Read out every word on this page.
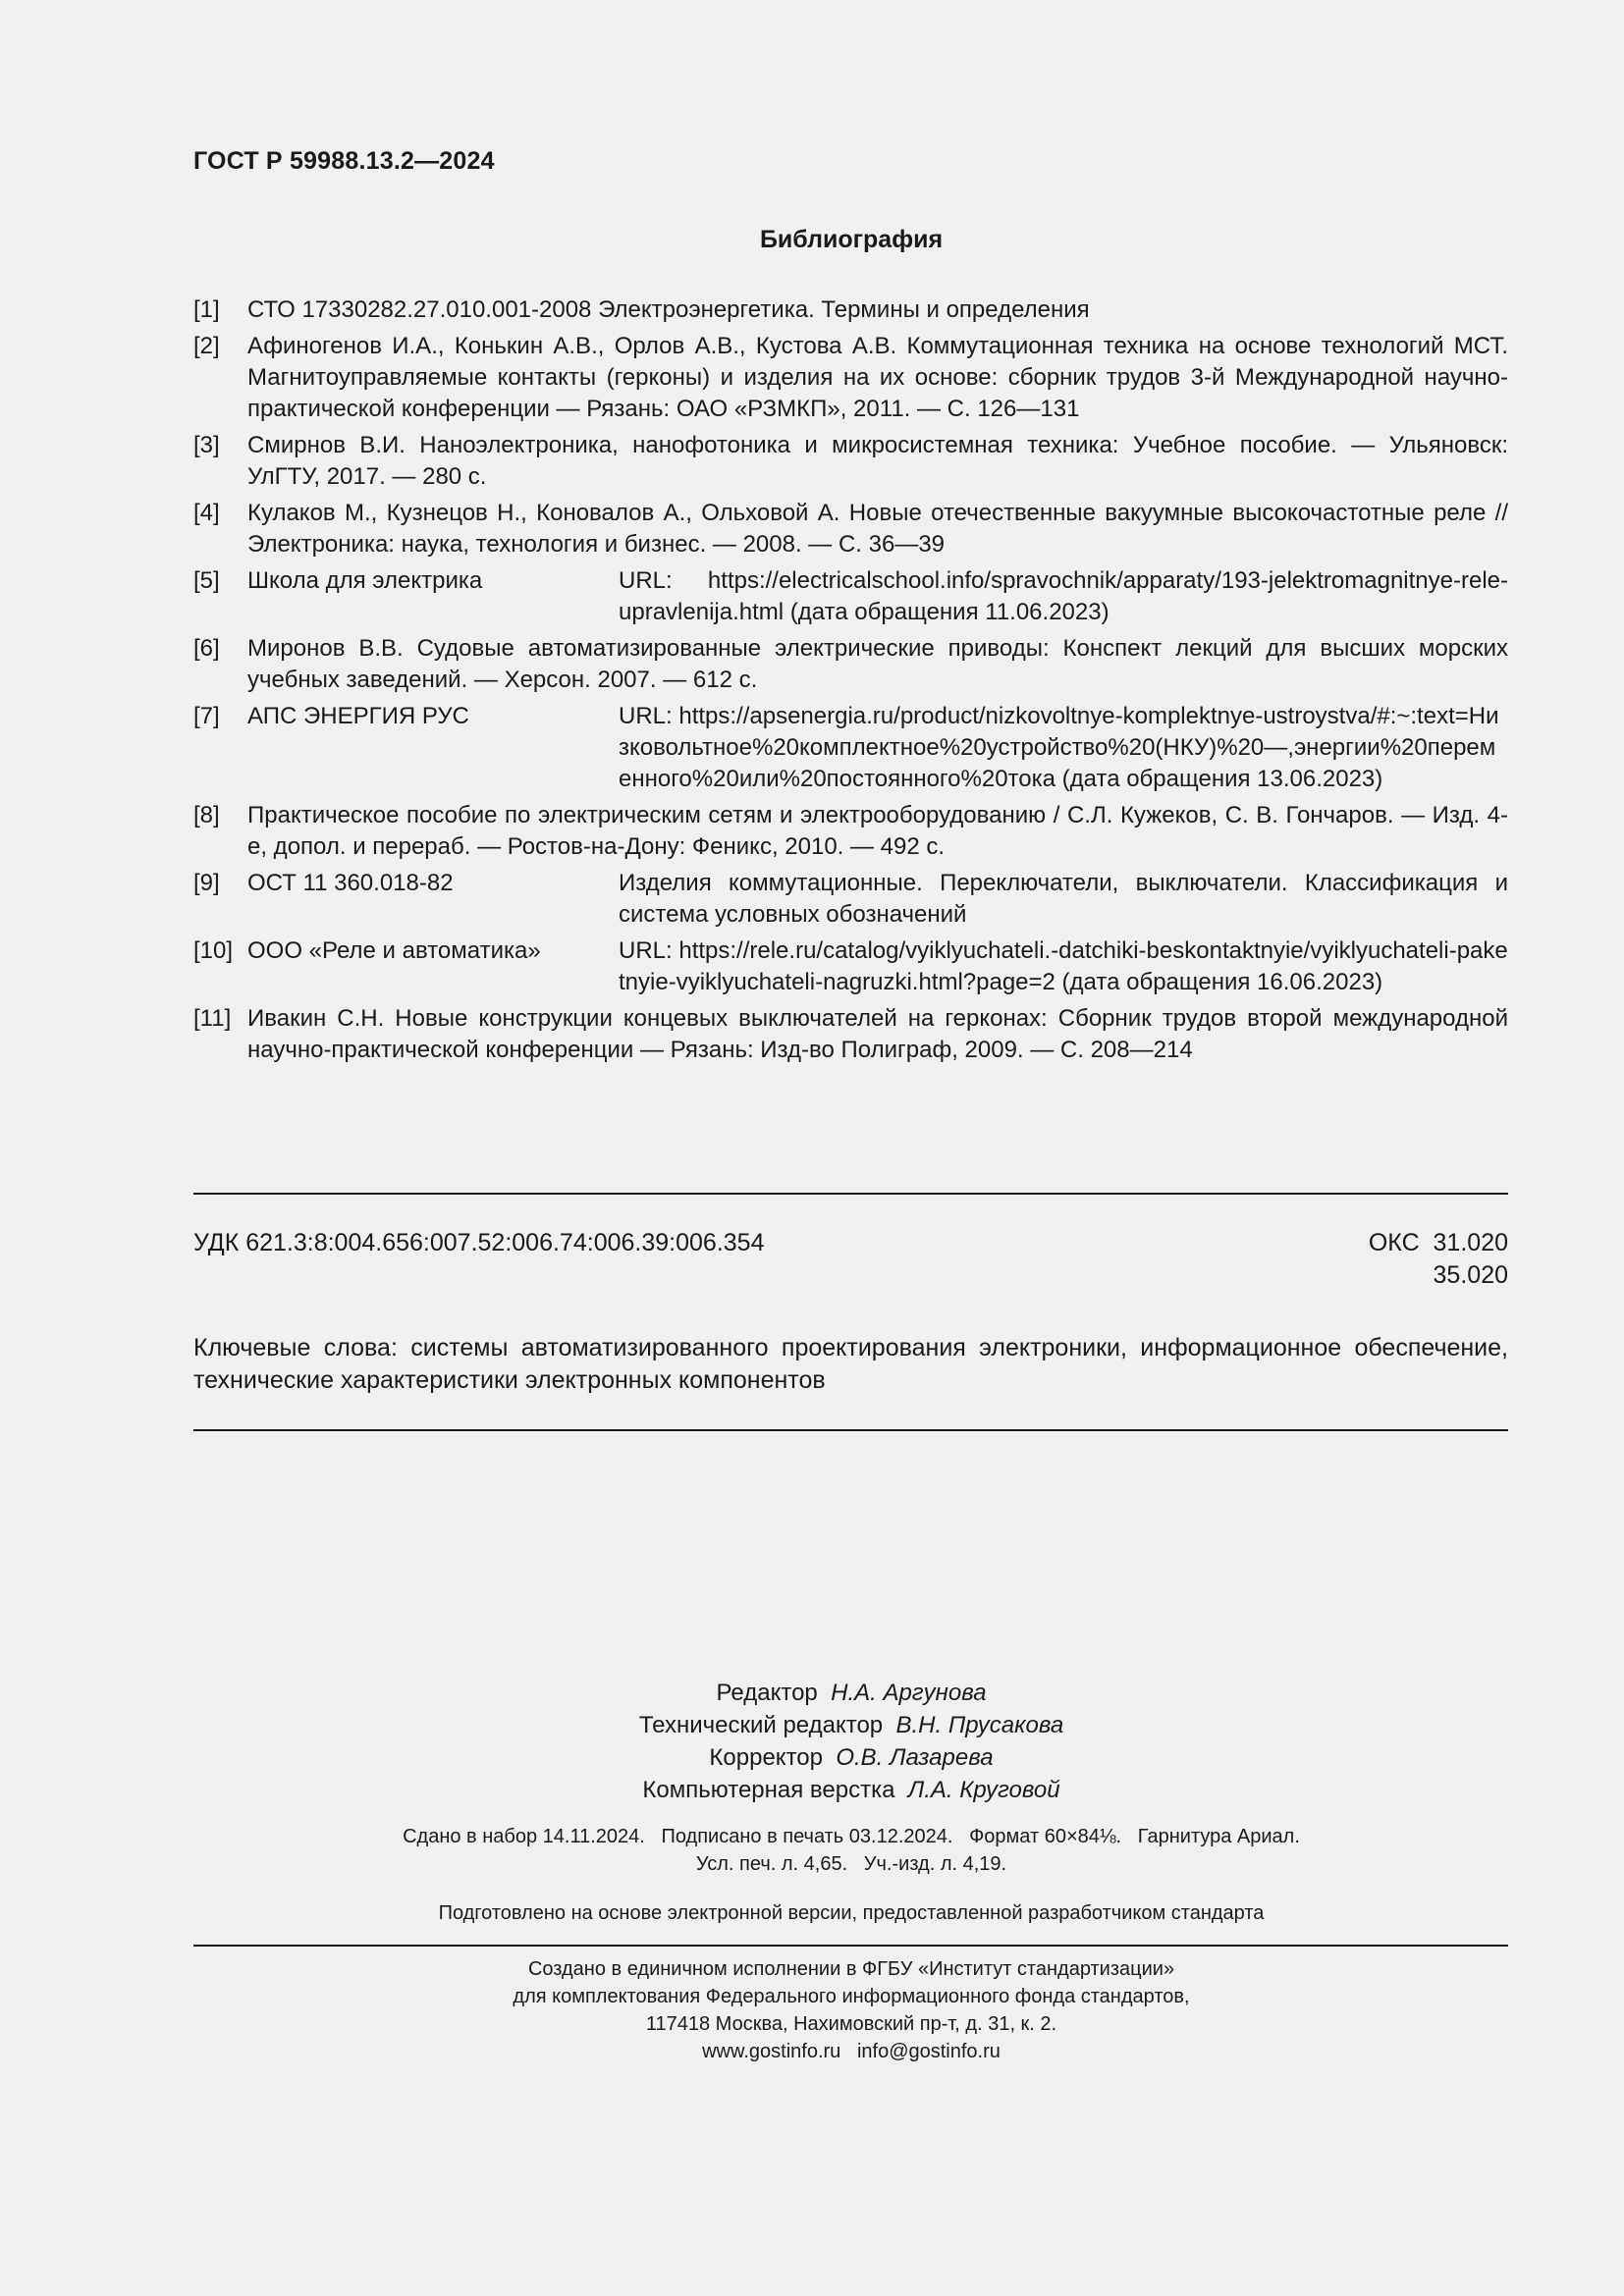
ГОСТ Р 59988.13.2—2024
Библиография
[1]	СТО 17330282.27.010.001-2008 Электроэнергетика. Термины и определения
[2]	Афиногенов И.А., Конькин А.В., Орлов А.В., Кустова А.В. Коммутационная техника на основе технологий МСТ. Магнитоуправляемые контакты (герконы) и изделия на их основе: сборник трудов 3-й Международной научно-практической конференции — Рязань: ОАО «РЗМКП», 2011. — С. 126—131
[3]	Смирнов В.И. Наноэлектроника, нанофотоника и микросистемная техника: Учебное пособие. — Ульяновск: УлГТУ, 2017. — 280 с.
[4]	Кулаков М., Кузнецов Н., Коновалов А., Ольховой А. Новые отечественные вакуумные высокочастотные реле // Электроника: наука, технология и бизнес. — 2008. — С. 36—39
[5]	Школа для электрика	URL: https://electricalschool.info/spravochnik/apparaty/193-jelektromagnitnye-rele-upravlenija.html (дата обращения 11.06.2023)
[6]	Миронов В.В. Судовые автоматизированные электрические приводы: Конспект лекций для высших морских учебных заведений. — Херсон. 2007. — 612 с.
[7]	АПС ЭНЕРГИЯ РУС	URL: https://apsenergia.ru/product/nizkovoltnye-komplektnye-ustroystva/#:~:text=Низковольтное%20комплектное%20устройство%20(НКУ)%20—,энергии%20переменного%20или%20постоянного%20тока (дата обращения 13.06.2023)
[8]	Практическое пособие по электрическим сетям и электрооборудованию / С.Л. Кужеков, С. В. Гончаров. — Изд. 4-е, допол. и перераб. — Ростов-на-Дону: Феникс, 2010. — 492 с.
[9]	ОСТ 11 360.018-82	Изделия коммутационные. Переключатели, выключатели. Классификация и система условных обозначений
[10] ООО «Реле и автоматика»	URL: https://rele.ru/catalog/vyiklyuchateli.-datchiki-beskontaktnyie/vyiklyuchateli-paketnyie-vyiklyuchateli-nagruzki.html?page=2 (дата обращения 16.06.2023)
[11] Ивакин С.Н. Новые конструкции концевых выключателей на герконах: Сборник трудов второй международной научно-практической конференции — Рязань: Изд-во Полиграф, 2009. — С. 208—214
УДК 621.3:8:004.656:007.52:006.74:006.39:006.354	ОКС  31.020
35.020
Ключевые слова: системы автоматизированного проектирования электроники, информационное обеспечение, технические характеристики электронных компонентов
Редактор Н.А. Аргунова
Технический редактор В.Н. Прусакова
Корректор О.В. Лазарева
Компьютерная верстка Л.А. Круговой
Сдано в набор 14.11.2024.   Подписано в печать 03.12.2024.   Формат 60×84⅛.   Гарнитура Ариал.
Усл. печ. л. 4,65.   Уч.-изд. л. 4,19.
Подготовлено на основе электронной версии, предоставленной разработчиком стандарта
Создано в единичном исполнении в ФГБУ «Институт стандартизации»
для комплектования Федерального информационного фонда стандартов,
117418 Москва, Нахимовский пр-т, д. 31, к. 2.
www.gostinfo.ru   info@gostinfo.ru
